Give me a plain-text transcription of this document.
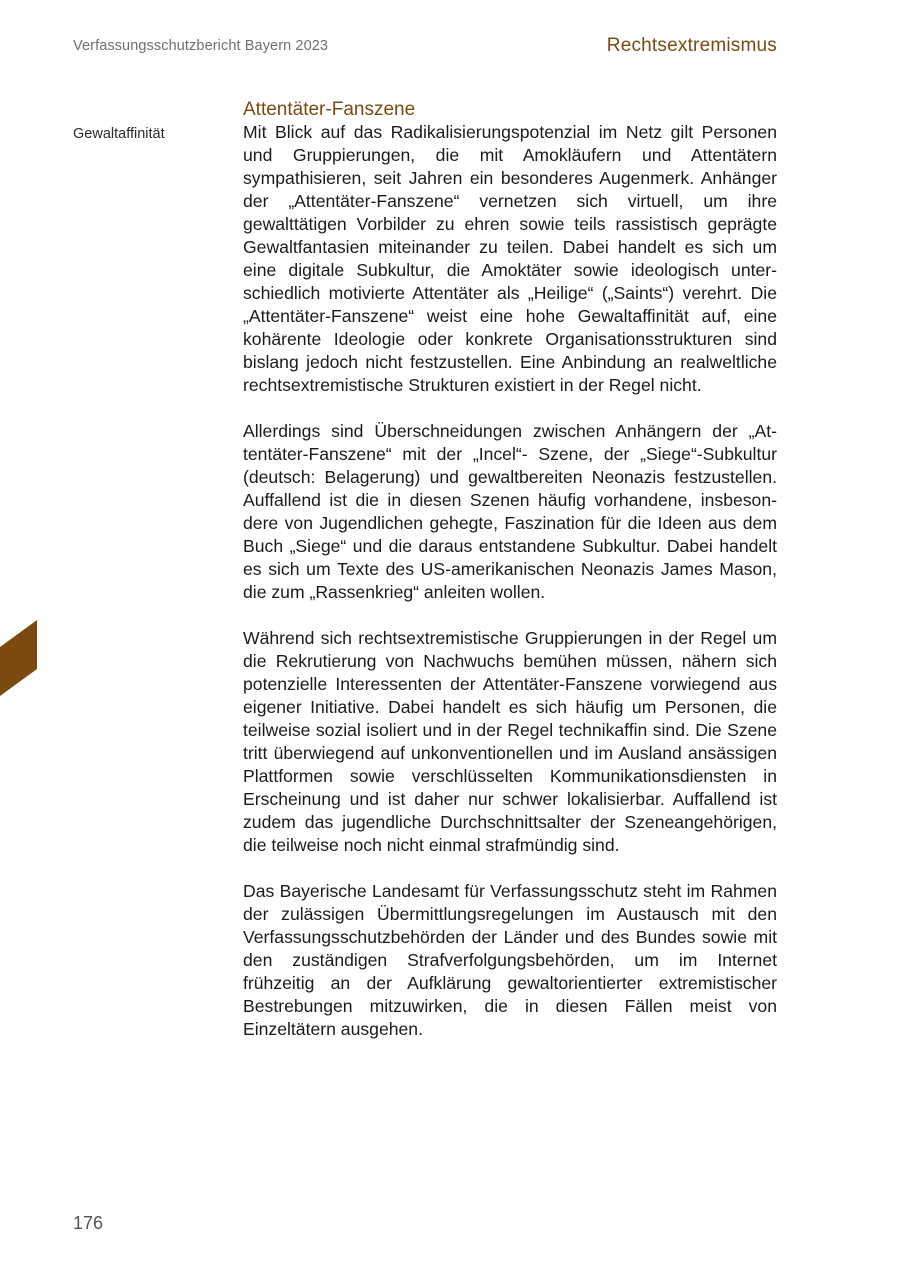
Verfassungsschutzbericht Bayern 2023	Rechtsextremismus
Gewaltaffinität
Attentäter-Fanszene

Mit Blick auf das Radikalisierungspotenzial im Netz gilt Personen und Gruppierungen, die mit Amokläufern und Attentätern sympathisieren, seit Jahren ein besonderes Augenmerk. Anhänger der „Attentäter-Fanszene“ vernetzen sich virtuell, um ihre gewalttätigen Vorbilder zu ehren sowie teils rassistisch geprägte Gewaltfantasien miteinander zu teilen. Dabei handelt es sich um eine digitale Subkultur, die Amoktäter sowie ideologisch unterschiedlich motivierte Attentäter als „Heilige“ („Saints“) verehrt. Die „Attentäter-Fanszene“ weist eine hohe Gewaltaffinität auf, eine kohärente Ideologie oder konkrete Organisationsstrukturen sind bislang jedoch nicht festzustellen. Eine Anbindung an realweltliche rechtsextremistische Strukturen existiert in der Regel nicht.

Allerdings sind Überschneidungen zwischen Anhängern der „Attentäter-Fanszene“ mit der „Incel“- Szene, der „Siege“-Subkultur (deutsch: Belagerung) und gewaltbereiten Neonazis festzustellen. Auffallend ist die in diesen Szenen häufig vorhandene, insbesondere von Jugendlichen gehegte, Faszination für die Ideen aus dem Buch „Siege“ und die daraus entstandene Subkultur. Dabei handelt es sich um Texte des US-amerikanischen Neonazis James Mason, die zum „Rassenkrieg“ anleiten wollen.

Während sich rechtsextremistische Gruppierungen in der Regel um die Rekrutierung von Nachwuchs bemühen müssen, nähern sich potenzielle Interessenten der Attentäter-Fanszene vorwiegend aus eigener Initiative. Dabei handelt es sich häufig um Personen, die teilweise sozial isoliert und in der Regel technikaffin sind. Die Szene tritt überwiegend auf unkonventionellen und im Ausland ansässigen Plattformen sowie verschlüsselten Kommunikationsdiensten in Erscheinung und ist daher nur schwer lokalisierbar. Auffallend ist zudem das jugendliche Durchschnittsalter der Szeneangehörigen, die teilweise noch nicht einmal strafmündig sind.

Das Bayerische Landesamt für Verfassungsschutz steht im Rahmen der zulässigen Übermittlungsregelungen im Austausch mit den Verfassungsschutzbehörden der Länder und des Bundes sowie mit den zuständigen Strafverfolgungsbehörden, um im Internet frühzeitig an der Aufklärung gewaltorientierter extremistischer Bestrebungen mitzuwirken, die in diesen Fällen meist von Einzeltätern ausgehen.

176
